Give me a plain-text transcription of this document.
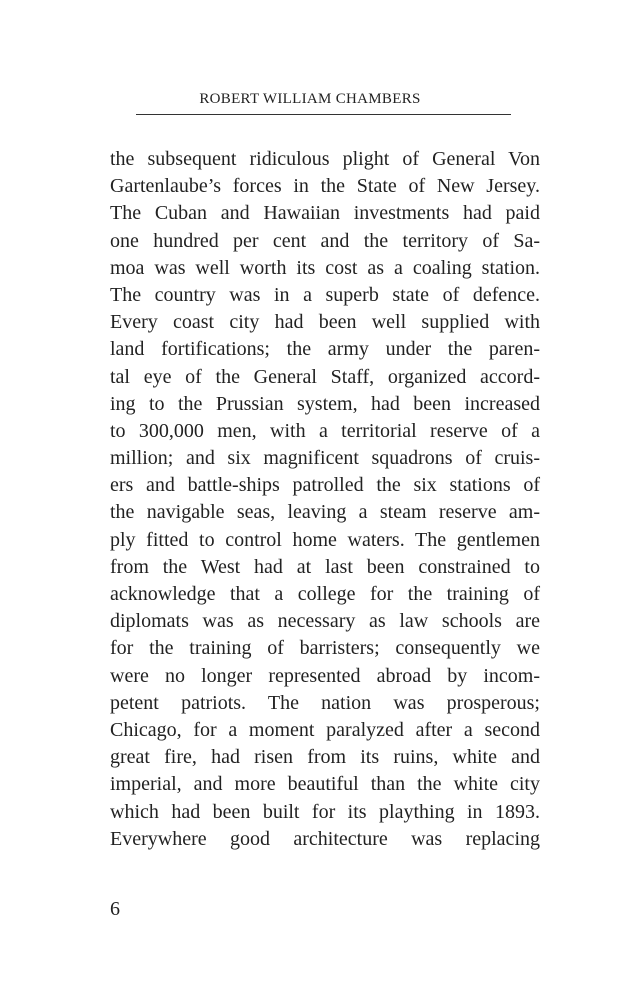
ROBERT WILLIAM CHAMBERS
the subsequent ridiculous plight of General Von
Gartenlaube’s forces in the State of New Jersey.
The Cuban and Hawaiian investments had paid
one hundred per cent and the territory of Sa-
moa was well worth its cost as a coaling station.
The country was in a superb state of defence.
Every coast city had been well supplied with
land fortifications; the army under the paren-
tal eye of the General Staff, organized accord-
ing to the Prussian system, had been increased
to 300,000 men, with a territorial reserve of a
million; and six magnificent squadrons of cruis-
ers and battle-ships patrolled the six stations of
the navigable seas, leaving a steam reserve am-
ply fitted to control home waters. The gentlemen
from the West had at last been constrained to
acknowledge that a college for the training of
diplomats was as necessary as law schools are
for the training of barristers; consequently we
were no longer represented abroad by incom-
petent patriots. The nation was prosperous;
Chicago, for a moment paralyzed after a second
great fire, had risen from its ruins, white and
imperial, and more beautiful than the white city
which had been built for its plaything in 1893.
Everywhere good architecture was replacing
6
